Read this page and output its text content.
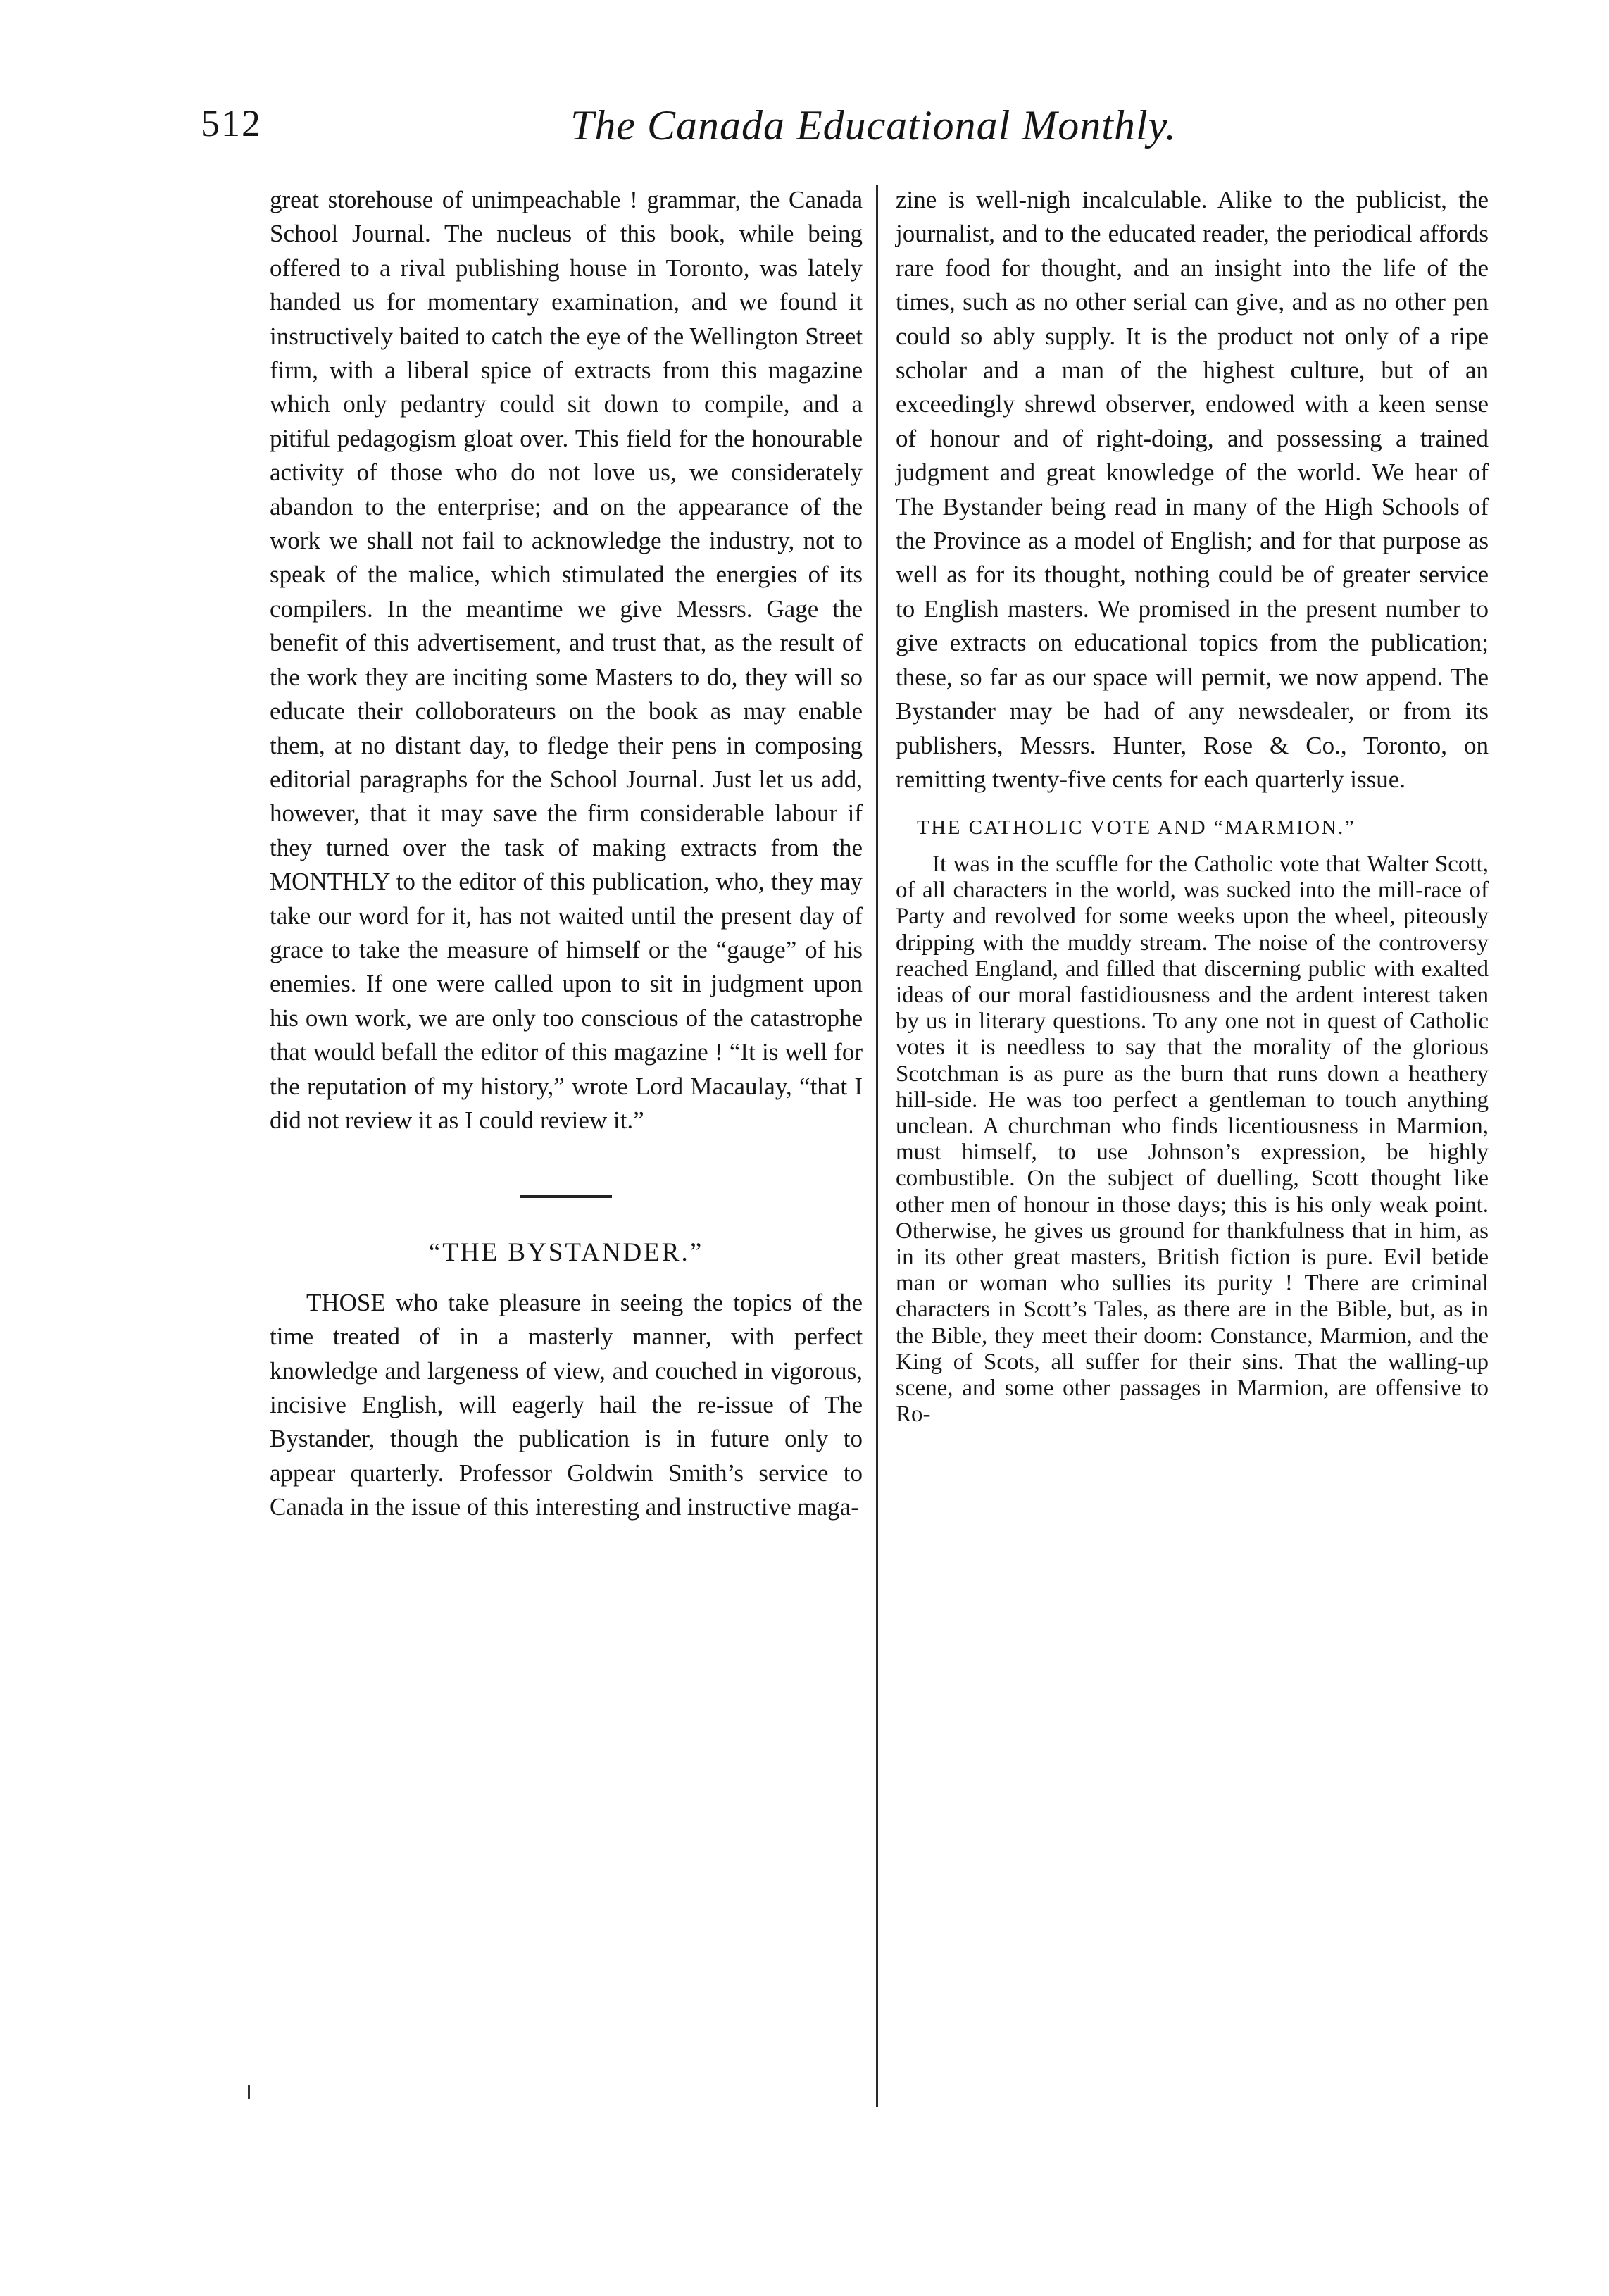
512	The Canada Educational Monthly.

great storehouse of unimpeachable ! grammar, the Canada School Journal. The nucleus of this book, while being offered to a rival publishing house in Toronto, was lately handed us for momentary examination, and we found it instructively baited to catch the eye of the Wellington Street firm, with a liberal spice of extracts from this magazine which only pedantry could sit down to compile, and a pitiful pedagogism gloat over. This field for the honourable activity of those who do not love us, we considerately abandon to the enterprise; and on the appearance of the work we shall not fail to acknowledge the industry, not to speak of the malice, which stimulated the energies of its compilers. In the meantime we give Messrs. Gage the benefit of this advertisement, and trust that, as the result of the work they are inciting some Masters to do, they will so educate their colloborateurs on the book as may enable them, at no distant day, to fledge their pens in composing editorial paragraphs for the School Journal. Just let us add, however, that it may save the firm considerable labour if they turned over the task of making extracts from the MONTHLY to the editor of this publication, who, they may take our word for it, has not waited until the present day of grace to take the measure of himself or the “gauge” of his enemies. If one were called upon to sit in judgment upon his own work, we are only too conscious of the catastrophe that would befall the editor of this magazine ! “It is well for the reputation of my history,” wrote Lord Macaulay, “that I did not review it as I could review it.”

“THE BYSTANDER.”

THOSE who take pleasure in seeing the topics of the time treated of in a masterly manner, with perfect knowledge and largeness of view, and couched in vigorous, incisive English, will eagerly hail the re-issue of The Bystander, though the publication is in future only to appear quarterly. Professor Goldwin Smith’s service to Canada in the issue of this interesting and instructive maga-

zine is well-nigh incalculable. Alike to the publicist, the journalist, and to the educated reader, the periodical affords rare food for thought, and an insight into the life of the times, such as no other serial can give, and as no other pen could so ably supply. It is the product not only of a ripe scholar and a man of the highest culture, but of an exceedingly shrewd observer, endowed with a keen sense of honour and of right-doing, and possessing a trained judgment and great knowledge of the world. We hear of The Bystander being read in many of the High Schools of the Province as a model of English; and for that purpose as well as for its thought, nothing could be of greater service to English masters. We promised in the present number to give extracts on educational topics from the publication; these, so far as our space will permit, we now append. The Bystander may be had of any newsdealer, or from its publishers, Messrs. Hunter, Rose & Co., Toronto, on remitting twenty-five cents for each quarterly issue.

THE CATHOLIC VOTE AND “MARMION.”

It was in the scuffle for the Catholic vote that Walter Scott, of all characters in the world, was sucked into the mill-race of Party and revolved for some weeks upon the wheel, piteously dripping with the muddy stream. The noise of the controversy reached England, and filled that discerning public with exalted ideas of our moral fastidiousness and the ardent interest taken by us in literary questions. To any one not in quest of Catholic votes it is needless to say that the morality of the glorious Scotchman is as pure as the burn that runs down a heathery hill-side. He was too perfect a gentleman to touch anything unclean. A churchman who finds licentiousness in Marmion, must himself, to use Johnson’s expression, be highly combustible. On the subject of duelling, Scott thought like other men of honour in those days; this is his only weak point. Otherwise, he gives us ground for thankfulness that in him, as in its other great masters, British fiction is pure. Evil betide man or woman who sullies its purity ! There are criminal characters in Scott’s Tales, as there are in the Bible, but, as in the Bible, they meet their doom: Constance, Marmion, and the King of Scots, all suffer for their sins. That the walling-up scene, and some other passages in Marmion, are offensive to Ro-
